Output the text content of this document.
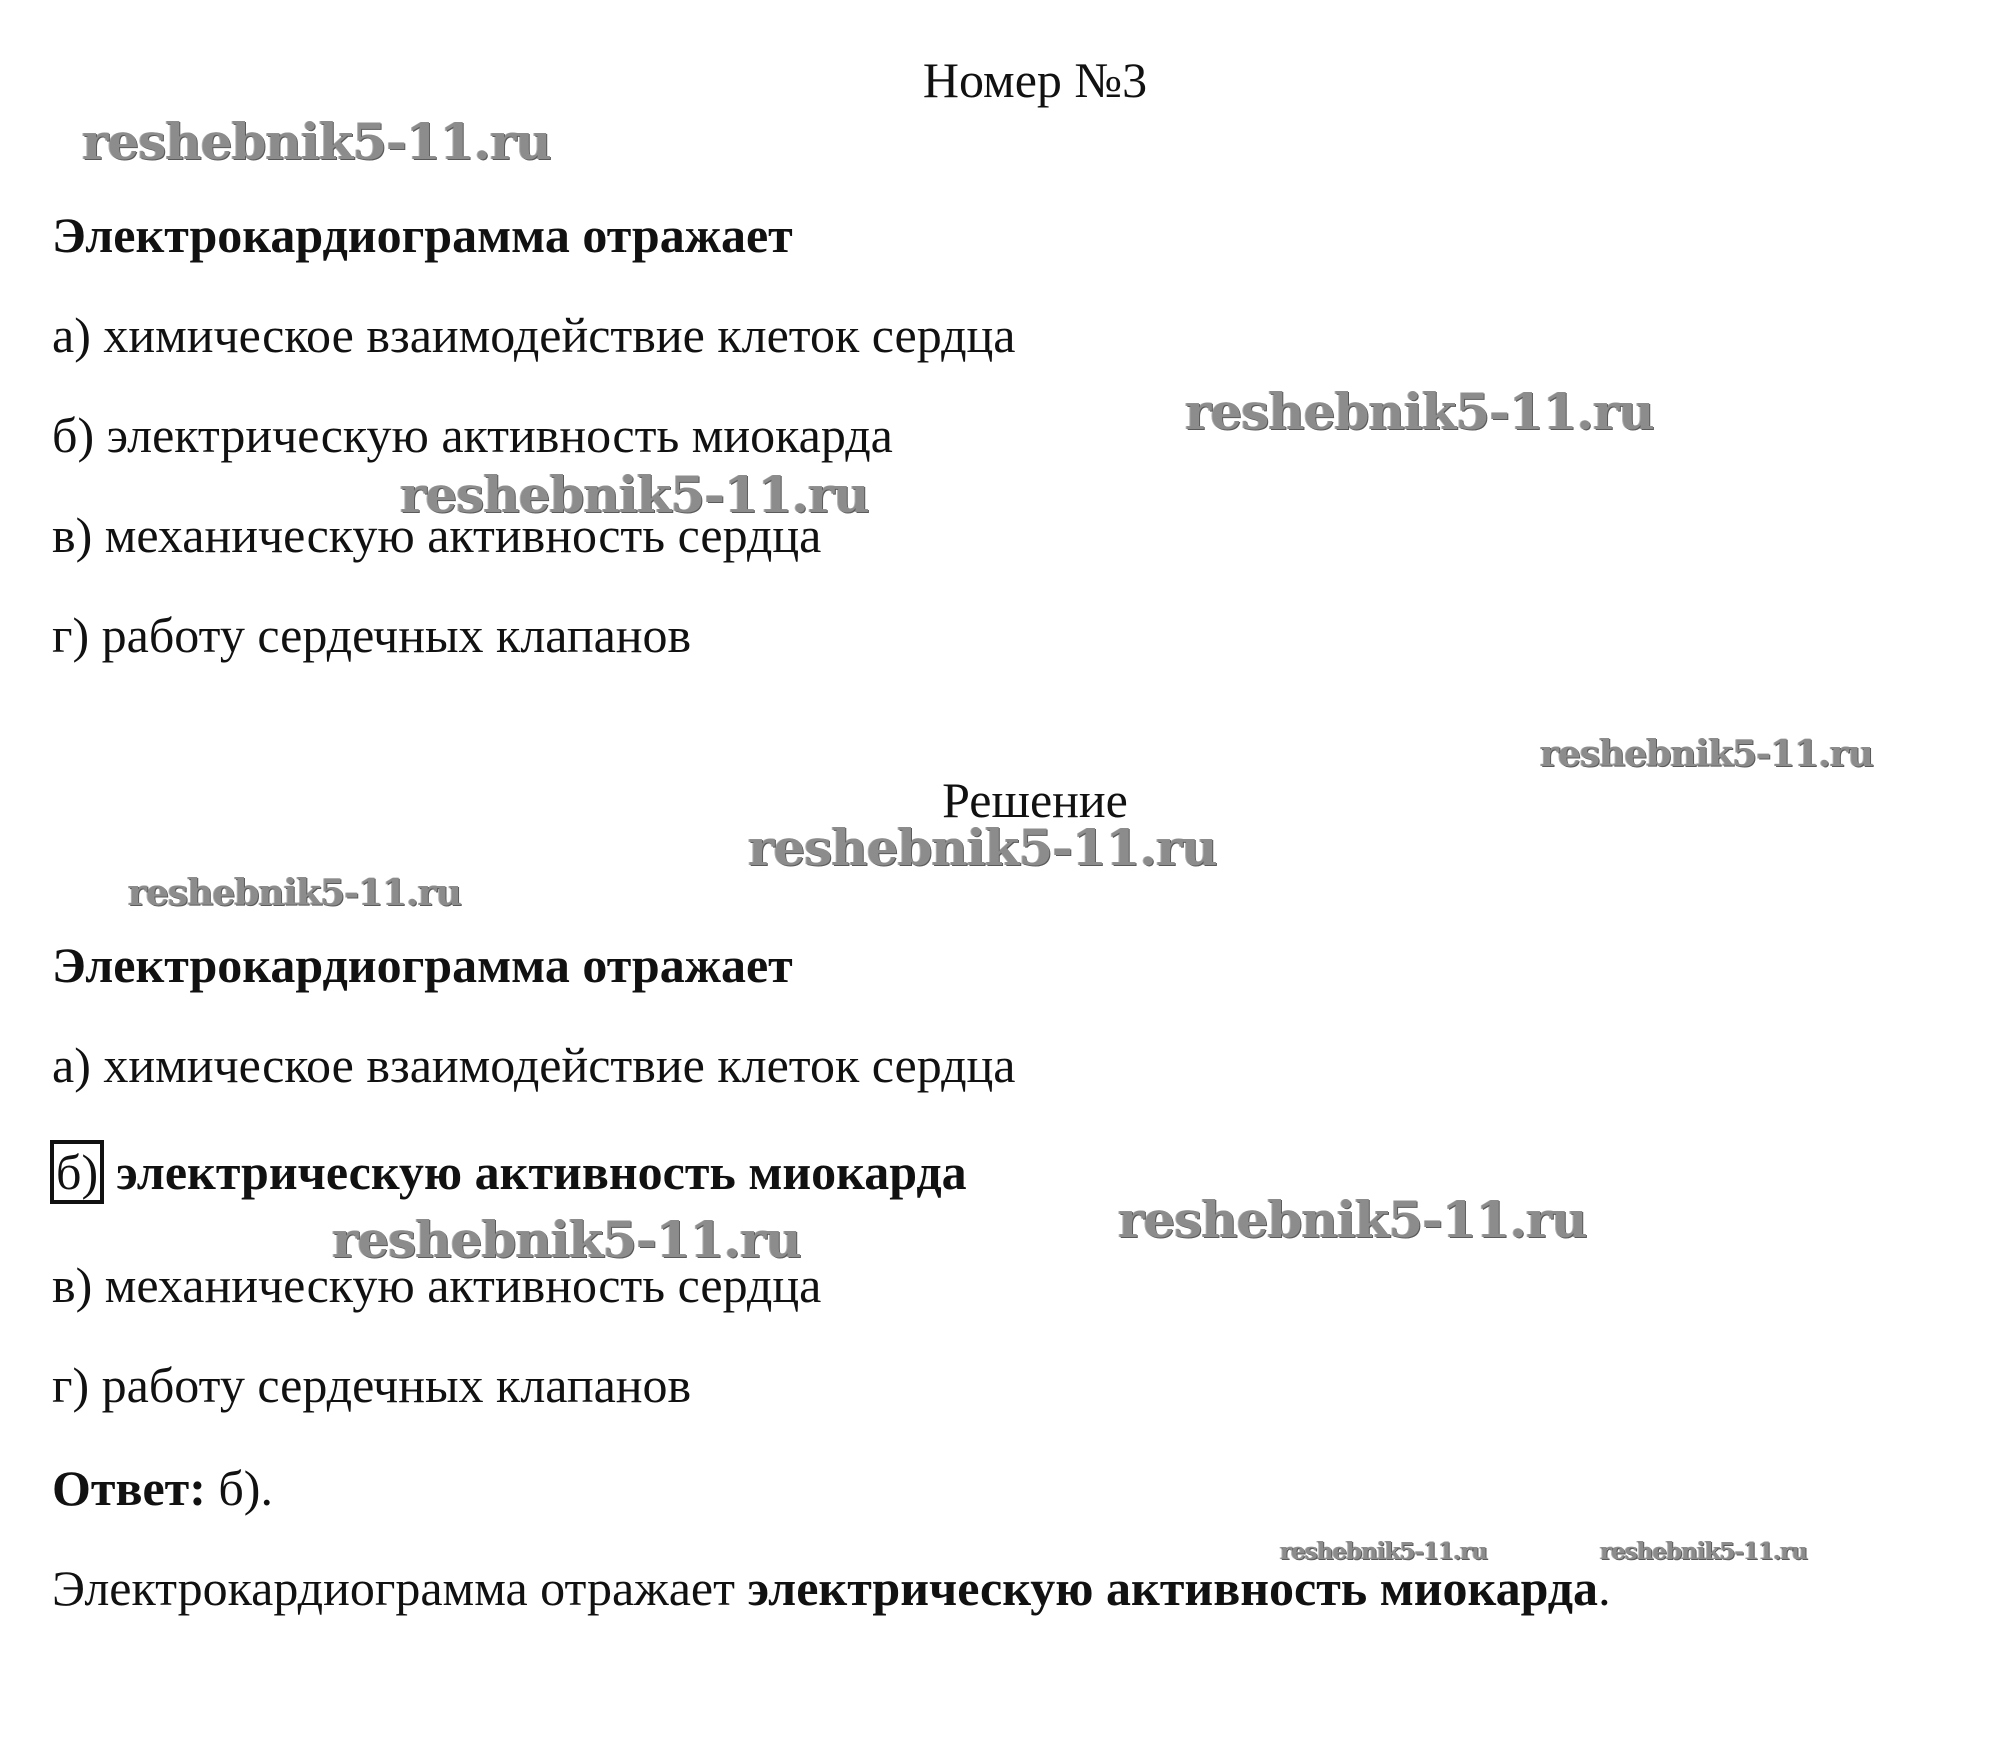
Номер №3
Электрокардиограмма отражает
а) химическое взаимодействие клеток сердца
б) электрическую активность миокарда
в) механическую активность сердца
г) работу сердечных клапанов
Решение
Электрокардиограмма отражает
а) химическое взаимодействие клеток сердца
б) электрическую активность миокарда
в) механическую активность сердца
г) работу сердечных клапанов
Ответ: б).
Электрокардиограмма отражает электрическую активность миокарда.
reshebnik5-11.ru
reshebnik5-11.ru
reshebnik5-11.ru
reshebnik5-11.ru
reshebnik5-11.ru
reshebnik5-11.ru
reshebnik5-11.ru
reshebnik5-11.ru
reshebnik5-11.ru	reshebnik5-11.ru
